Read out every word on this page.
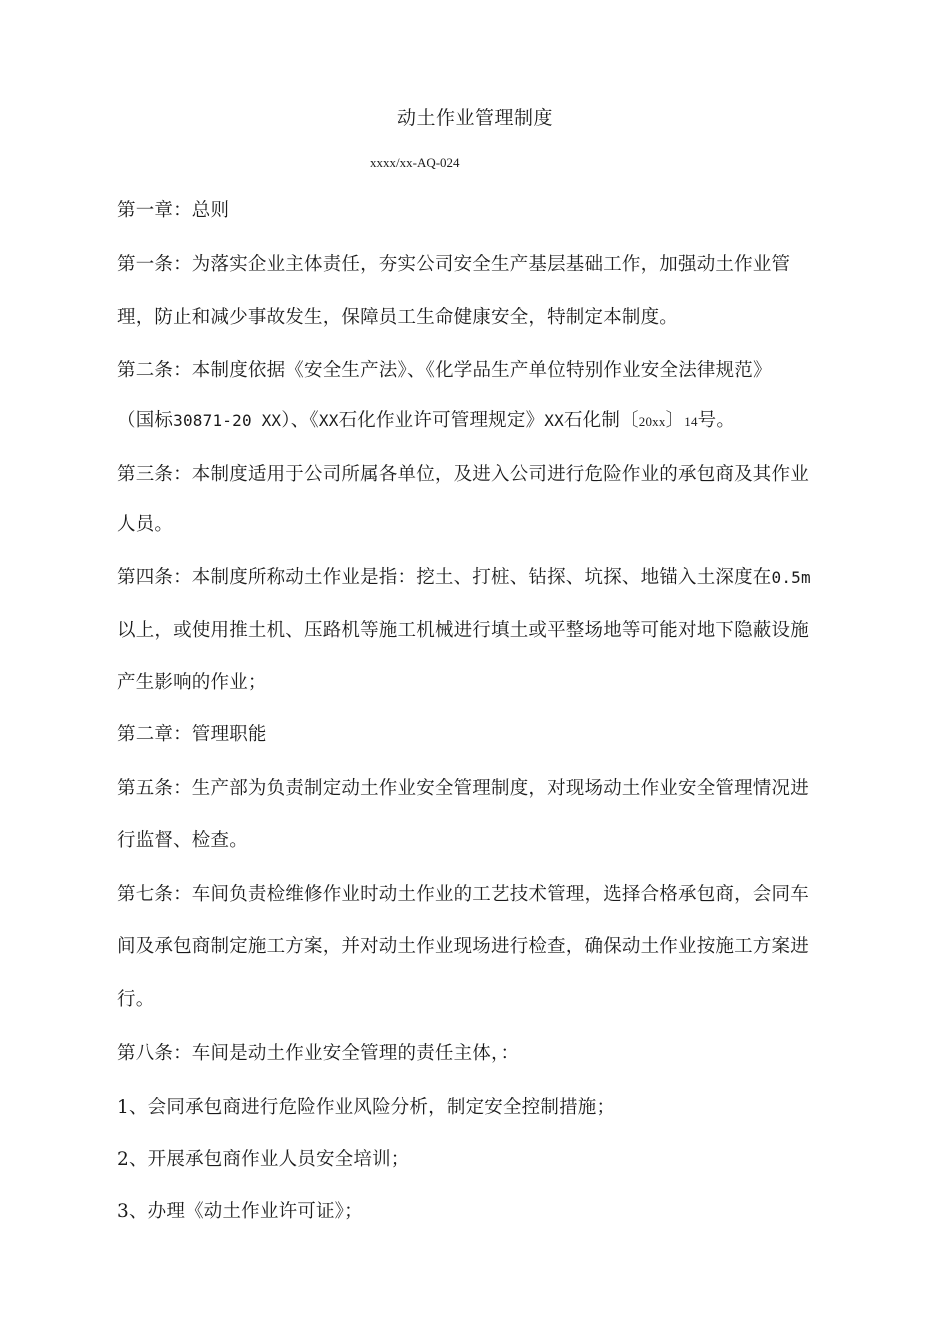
动土作业管理制度
xxxx/xx-AQ-024
第一章：总则
第一条：为落实企业主体责任，夯实公司安全生产基层基础工作，加强动土作业管
理，防止和减少事故发生，保障员工生命健康安全，特制定本制度。
第二条：本制度依据《安全生产法》、《化学品生产单位特别作业安全法律规范》
（国标30871-20 XX）、《XX石化作业许可管理规定》XX石化制〔20xx〕14号。
第三条：本制度适用于公司所属各单位，及进入公司进行危险作业的承包商及其作业
人员。
第四条：本制度所称动土作业是指：挖土、打桩、钻探、坑探、地锚入土深度在0.5m
以上，或使用推土机、压路机等施工机械进行填土或平整场地等可能对地下隐蔽设施
产生影响的作业；
第二章：管理职能
第五条：生产部为负责制定动土作业安全管理制度，对现场动土作业安全管理情况进
行监督、检查。
第七条：车间负责检维修作业时动土作业的工艺技术管理，选择合格承包商，会同车
间及承包商制定施工方案，并对动土作业现场进行检查，确保动土作业按施工方案进
行。
第八条：车间是动土作业安全管理的责任主体，：
1、会同承包商进行危险作业风险分析，制定安全控制措施；
2、开展承包商作业人员安全培训；
3、办理《动土作业许可证》；
